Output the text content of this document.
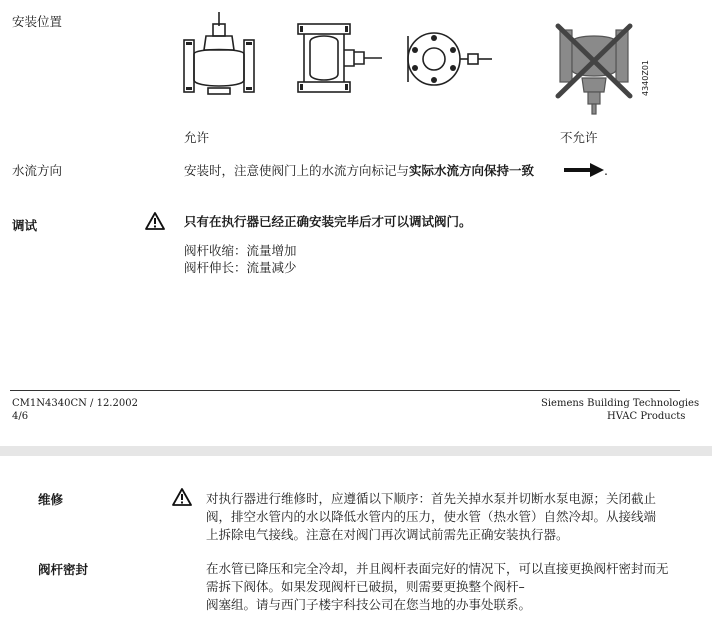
安装位置
4340Z01
允许	不允许
水流方向	安装时，注意使阀门上的水流方向标记与实际水流方向保持一致	.
调试	只有在执行器已经正确安装完毕后才可以调试阀门。
阀杆收缩：流量增加
阀杆伸长：流量减少
CM1N4340CN / 12.2002
4/6
Siemens Building Technologies
HVAC Products
维修	对执行器进行维修时，应遵循以下顺序：首先关掉水泵并切断水泵电源；关闭截止
阀，排空水管内的水以降低水管内的压力，使水管（热水管）自然冷却。从接线端
上拆除电气接线。注意在对阀门再次调试前需先正确安装执行器。
阀杆密封	在水管已降压和完全冷却，并且阀杆表面完好的情况下，可以直接更换阀杆密封而无
需拆下阀体。如果发现阀杆已破损，则需要更换整个阀杆–
阀塞组。请与西门子楼宇科技公司在您当地的办事处联系。
